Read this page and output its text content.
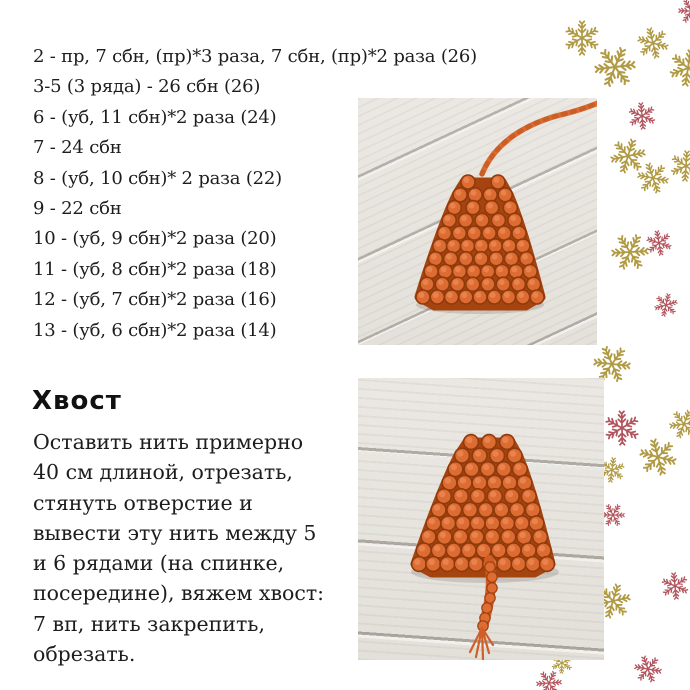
2 - пр, 7 сбн, (пр)*3 раза, 7 сбн, (пр)*2 раза (26)
3-5 (3 ряда) - 26 сбн (26)
6 - (уб, 11 сбн)*2 раза (24)
7 - 24 сбн
8 - (уб, 10 сбн)* 2 раза (22)
9 - 22 сбн
10 - (уб, 9 сбн)*2 раза (20)
11 - (уб, 8 сбн)*2 раза (18)
12 - (уб, 7 сбн)*2 раза (16)
13 - (уб, 6 сбн)*2 раза (14)
Хвост
Оставить нить примерно
40 см длиной, отрезать,
стянуть отверстие и
вывести эту нить между 5
и 6 рядами (на спинке,
посередине), вяжем хвост:
7 вп, нить закрепить,
обрезать.
